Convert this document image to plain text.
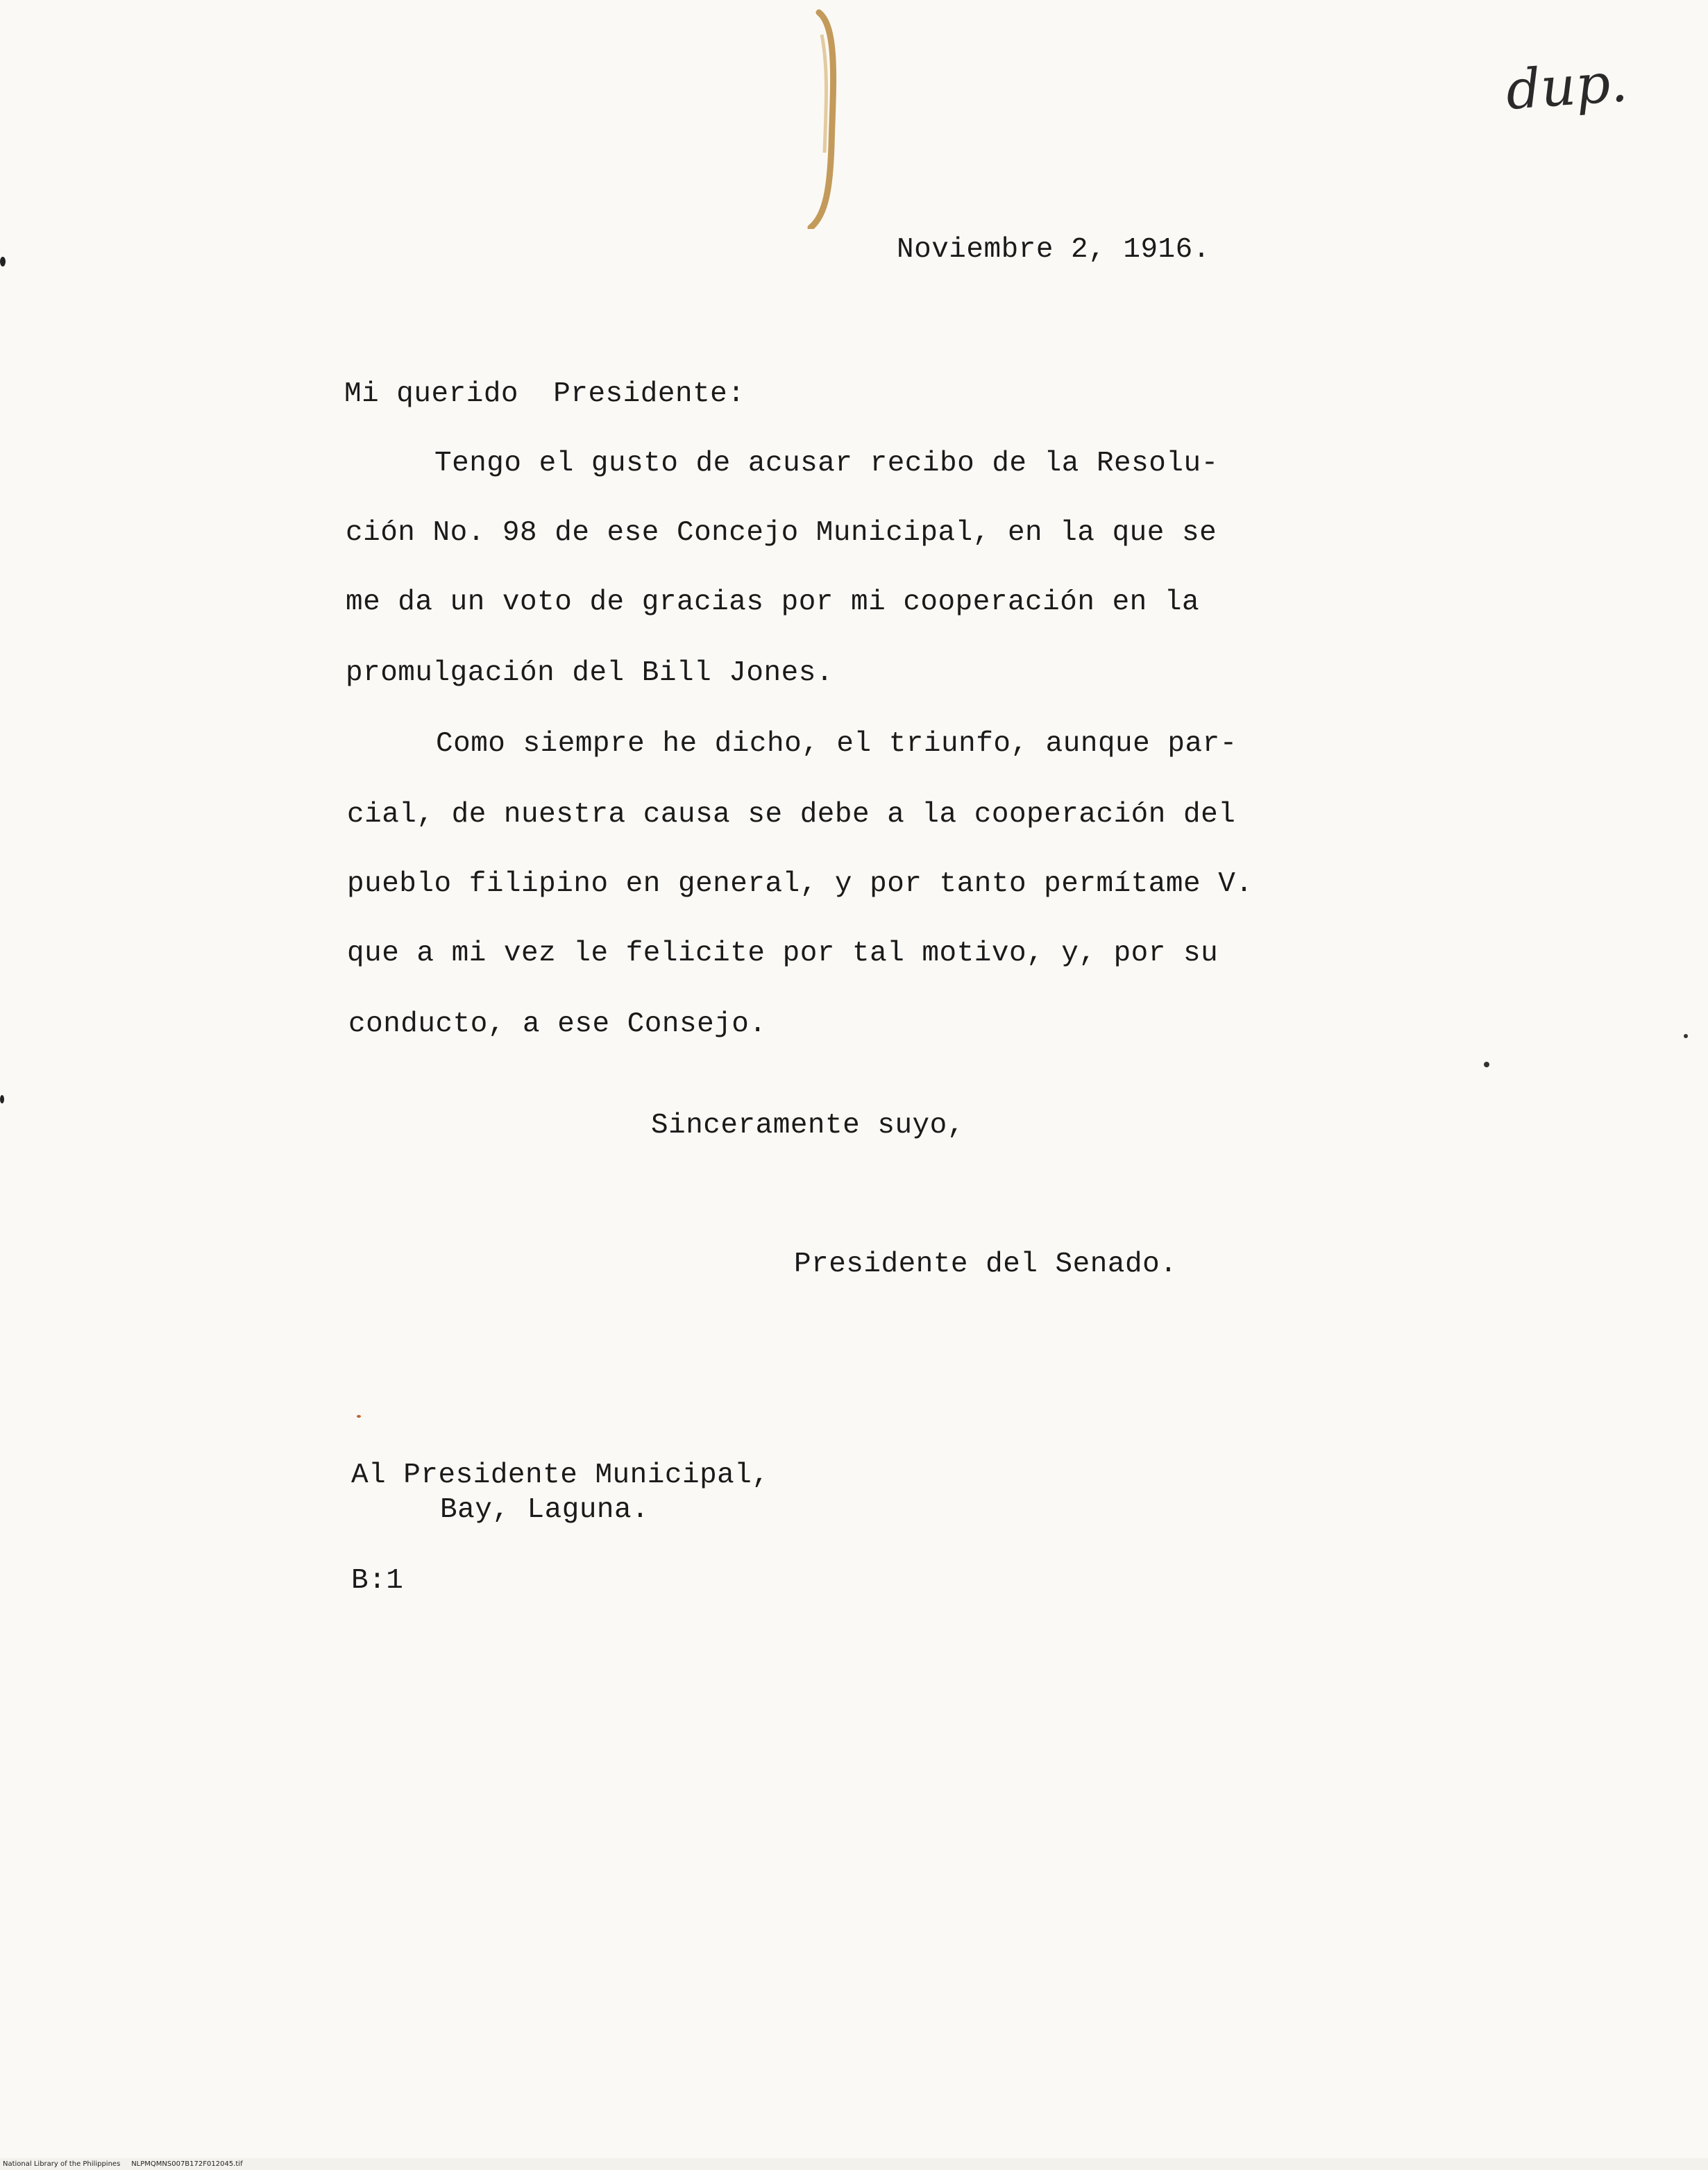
dup.
Noviembre 2, 1916.
Mi querido  Presidente:
Tengo el gusto de acusar recibo de la Resolu-
ción No. 98 de ese Concejo Municipal, en la que se
me da un voto de gracias por mi cooperación en la
promulgación del Bill Jones.
Como siempre he dicho, el triunfo, aunque par-
cial, de nuestra causa se debe a la cooperación del
pueblo filipino en general, y por tanto permítame V.
que a mi vez le felicite por tal motivo, y, por su
conducto, a ese Consejo.
Sinceramente suyo,
Presidente del Senado.
Al Presidente Municipal,
Bay, Laguna.
B:1
National Library of the Philippines NLPMQMNS007B172F012045.tif
